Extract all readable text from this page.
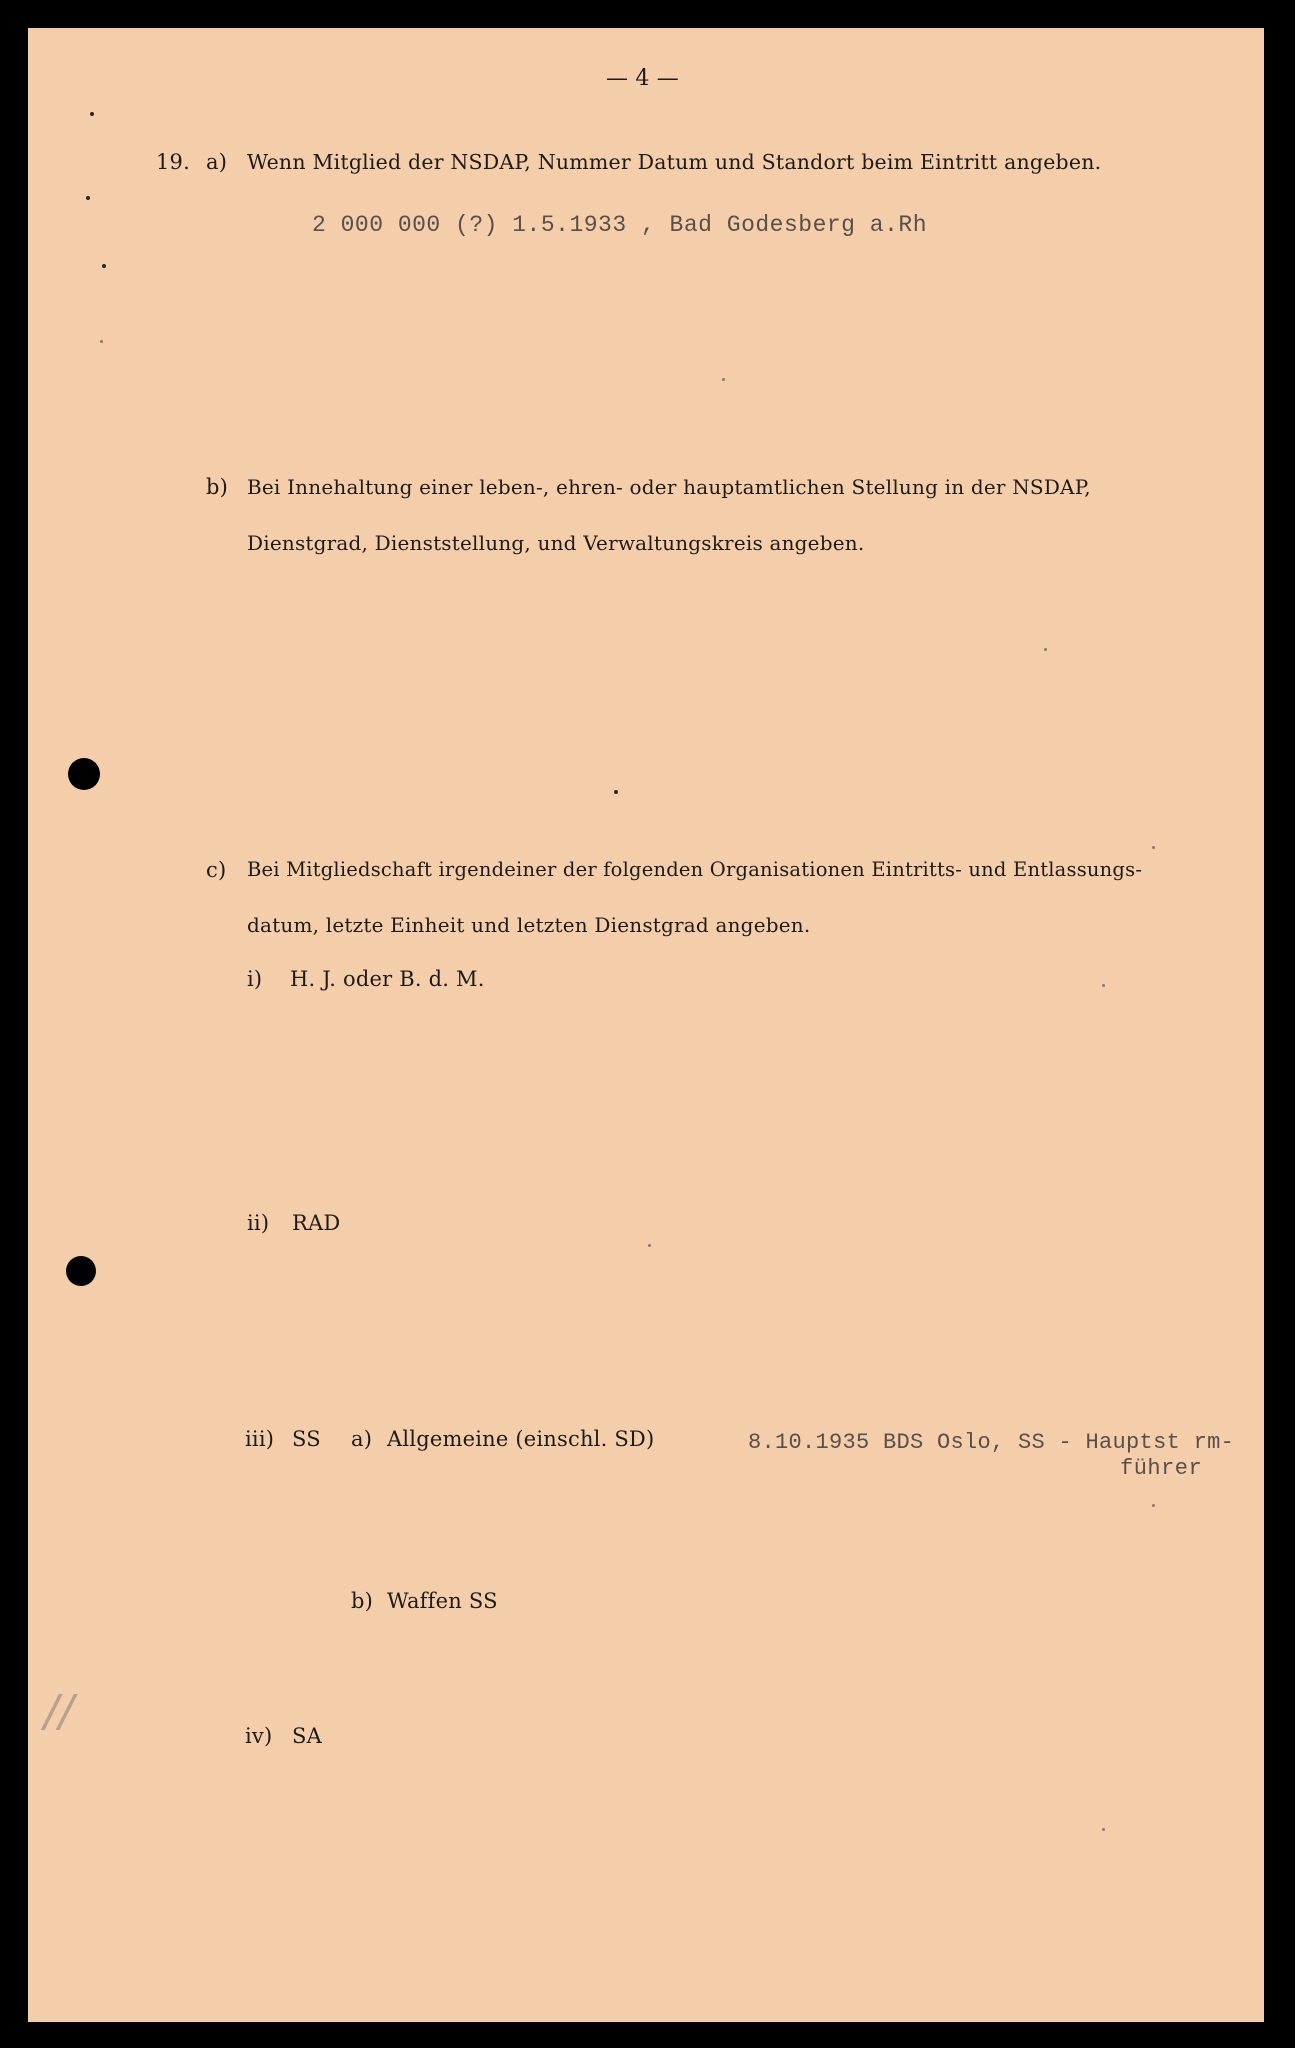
— 4 —
19. a) Wenn Mitglied der NSDAP, Nummer Datum und Standort beim Eintritt angeben.
2 000 000 (?) 1.5.1933 , Bad Godesberg a.Rh
b) Bei Innehaltung einer leben-, ehren- oder hauptamtlichen Stellung in der NSDAP,
Dienstgrad, Dienststellung, und Verwaltungskreis angeben.
c) Bei Mitgliedschaft irgendeiner der folgenden Organisationen Eintritts- und Entlassungs-
datum, letzte Einheit und letzten Dienstgrad angeben.
i) H. J. oder B. d. M.
ii) RAD
iii) SS a) Allgemeine (einschl. SD)	8.10.1935 BDS Oslo, SS - Hauptst rm-
führer
b) Waffen SS
iv) SA
//
